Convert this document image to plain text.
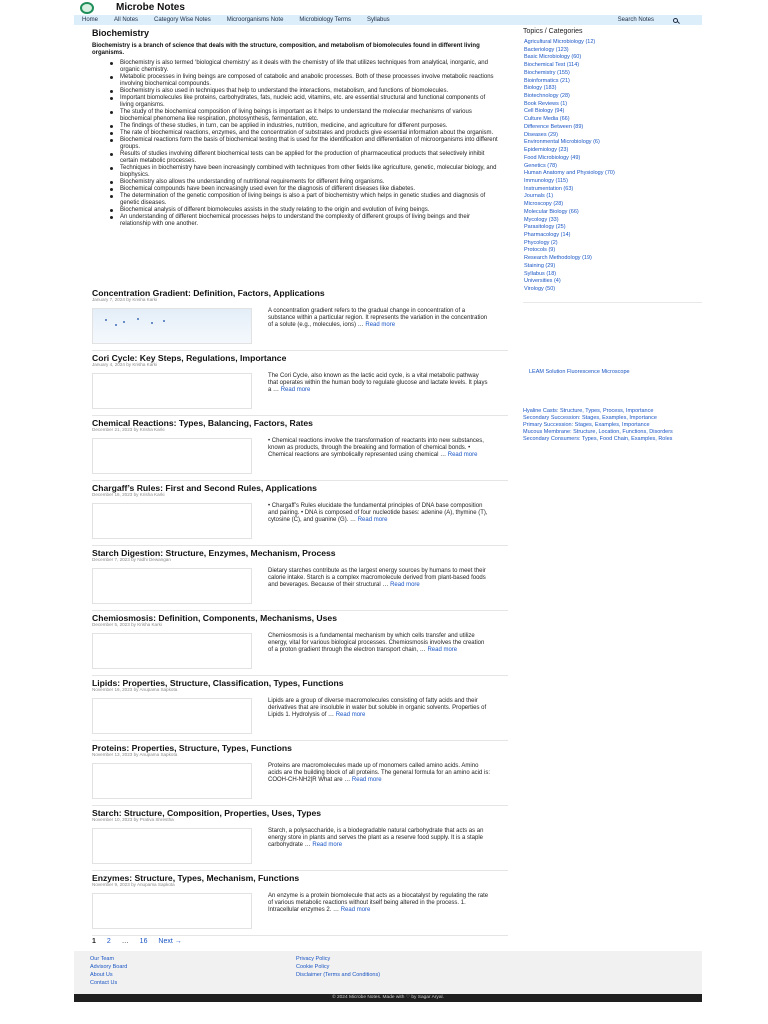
Microbe Notes
Home	All Notes	Category Wise Notes	Microorganisms Note	Microbiology Terms	Syllabus	Search Notes
Biochemistry

Biochemistry is a branch of science that deals with the structure, composition, and metabolism of biomolecules found in different living organisms.

Biochemistry is also termed ‘biological chemistry’ as it deals with the chemistry of life that utilizes techniques from analytical, inorganic, and organic chemistry.
Metabolic processes in living beings are composed of catabolic and anabolic processes. Both of these processes involve metabolic reactions involving biochemical compounds.
Biochemistry is also used in techniques that help to understand the interactions, metabolism, and functions of biomolecules.
Important biomolecules like proteins, carbohydrates, fats, nucleic acid, vitamins, etc. are essential structural and functional components of living organisms.
The study of the biochemical composition of living beings is important as it helps to understand the molecular mechanisms of various biochemical phenomena like respiration, photosynthesis, fermentation, etc.
The findings of these studies, in turn, can be applied in industries, nutrition, medicine, and agriculture for different purposes.
The rate of biochemical reactions, enzymes, and the concentration of substrates and products give essential information about the organism.
Biochemical reactions form the basis of biochemical testing that is used for the identification and differentiation of microorganisms into different groups.
Results of studies involving different biochemical tests can be applied for the production of pharmaceutical products that selectively inhibit certain metabolic processes.
Techniques in biochemistry have been increasingly combined with techniques from other fields like agriculture, genetic, molecular biology, and biophysics.
Biochemistry also allows the understanding of nutritional requirements for different living organisms.
Biochemical compounds have been increasingly used even for the diagnosis of different diseases like diabetes.
The determination of the genetic composition of living beings is also a part of biochemistry which helps in genetic studies and diagnosis of genetic diseases.
Biochemical analysis of different biomolecules assists in the study relating to the origin and evolution of living beings.
An understanding of different biochemical processes helps to understand the complexity of different groups of living beings and their relationship with one another.
Concentration Gradient: Definition, Factors, Applications
January 7, 2024 by Krisha Karki
A concentration gradient refers to the gradual change in concentration of a substance within a particular region. It represents the variation in the concentration of a solute (e.g., molecules, ions) … Read more
Cori Cycle: Key Steps, Regulations, Importance
January 4, 2024 by Krisha Karki
The Cori Cycle, also known as the lactic acid cycle, is a vital metabolic pathway that operates within the human body to regulate glucose and lactate levels. It plays a … Read more
Chemical Reactions: Types, Balancing, Factors, Rates
December 21, 2023 by Krisha Karki
• Chemical reactions involve the transformation of reactants into new substances, known as products, through the breaking and formation of chemical bonds. • Chemical reactions are symbolically represented using chemical … Read more
Chargaff’s Rules: First and Second Rules, Applications
December 16, 2023 by Krisha Karki
• Chargaff’s Rules elucidate the fundamental principles of DNA base composition and pairing. • DNA is composed of four nucleotide bases: adenine (A), thymine (T), cytosine (C), and guanine (G). … Read more
Starch Digestion: Structure, Enzymes, Mechanism, Process
December 7, 2023 by Nidhi Dewangan
Dietary starches contribute as the largest energy sources by humans to meet their calorie intake. Starch is a complex macromolecule derived from plant-based foods and beverages. Because of their structural … Read more
Chemiosmosis: Definition, Components, Mechanisms, Uses
December 5, 2023 by Krisha Karki
Chemiosmosis is a fundamental mechanism by which cells transfer and utilize energy, vital for various biological processes. Chemiosmosis involves the creation of a proton gradient through the electron transport chain, … Read more
Lipids: Properties, Structure, Classification, Types, Functions
November 16, 2023 by Anupama Sapkota
Lipids are a group of diverse macromolecules consisting of fatty acids and their derivatives that are insoluble in water but soluble in organic solvents. Properties of Lipids 1. Hydrolysis of … Read more
Proteins: Properties, Structure, Types, Functions
November 13, 2023 by Anupama Sapkota
Proteins are macromolecules made up of monomers called amino acids. Amino acids are the building block of all proteins. The general formula for an amino acid is: COOH-CH-NH2|R What are … Read more
Starch: Structure, Composition, Properties, Uses, Types
November 10, 2023 by Prativa Shrestha
Starch, a polysaccharide, is a biodegradable natural carbohydrate that acts as an energy store in plants and serves the plant as a reserve food supply. It is a staple carbohydrate … Read more
Enzymes: Structure, Types, Mechanism, Functions
November 9, 2023 by Anupama Sapkota
An enzyme is a protein biomolecule that acts as a biocatalyst by regulating the rate of various metabolic reactions without itself being altered in the process. 1. Intracellular enzymes 2. … Read more
1 2 … 16 Next →
Topics / Categories
Agricultural Microbiology (12)
Bacteriology (123)
Basic Microbiology (60)
Biochemical Test (114)
Biochemistry (155)
Bioinformatics (21)
Biology (183)
Biotechnology (28)
Book Reviews (1)
Cell Biology (94)
Culture Media (66)
Difference Between (89)
Diseases (29)
Environmental Microbiology (6)
Epidemiology (23)
Food Microbiology (49)
Genetics (78)
Human Anatomy and Physiology (70)
Immunology (115)
Instrumentation (63)
Journals (1)
Microscopy (28)
Molecular Biology (66)
Mycology (33)
Parasitology (25)
Pharmacology (14)
Phycology (2)
Protocols (9)
Research Methodology (19)
Staining (29)
Syllabus (18)
Universities (4)
Virology (50)
LEAM Solution Fluorescence Microscope
Hyaline Casts: Structure, Types, Process, Importance
Secondary Succession: Stages, Examples, Importance
Primary Succession: Stages, Examples, Importance
Mucous Membrane: Structure, Location, Functions, Disorders
Secondary Consumers: Types, Food Chain, Examples, Roles
Our Team
Advisory Board
About Us
Contact Us
Privacy Policy
Cookie Policy
Disclaimer (Terms and Conditions)
© 2024 Microbe Notes. Made with ♡ by Sagar Aryal.
